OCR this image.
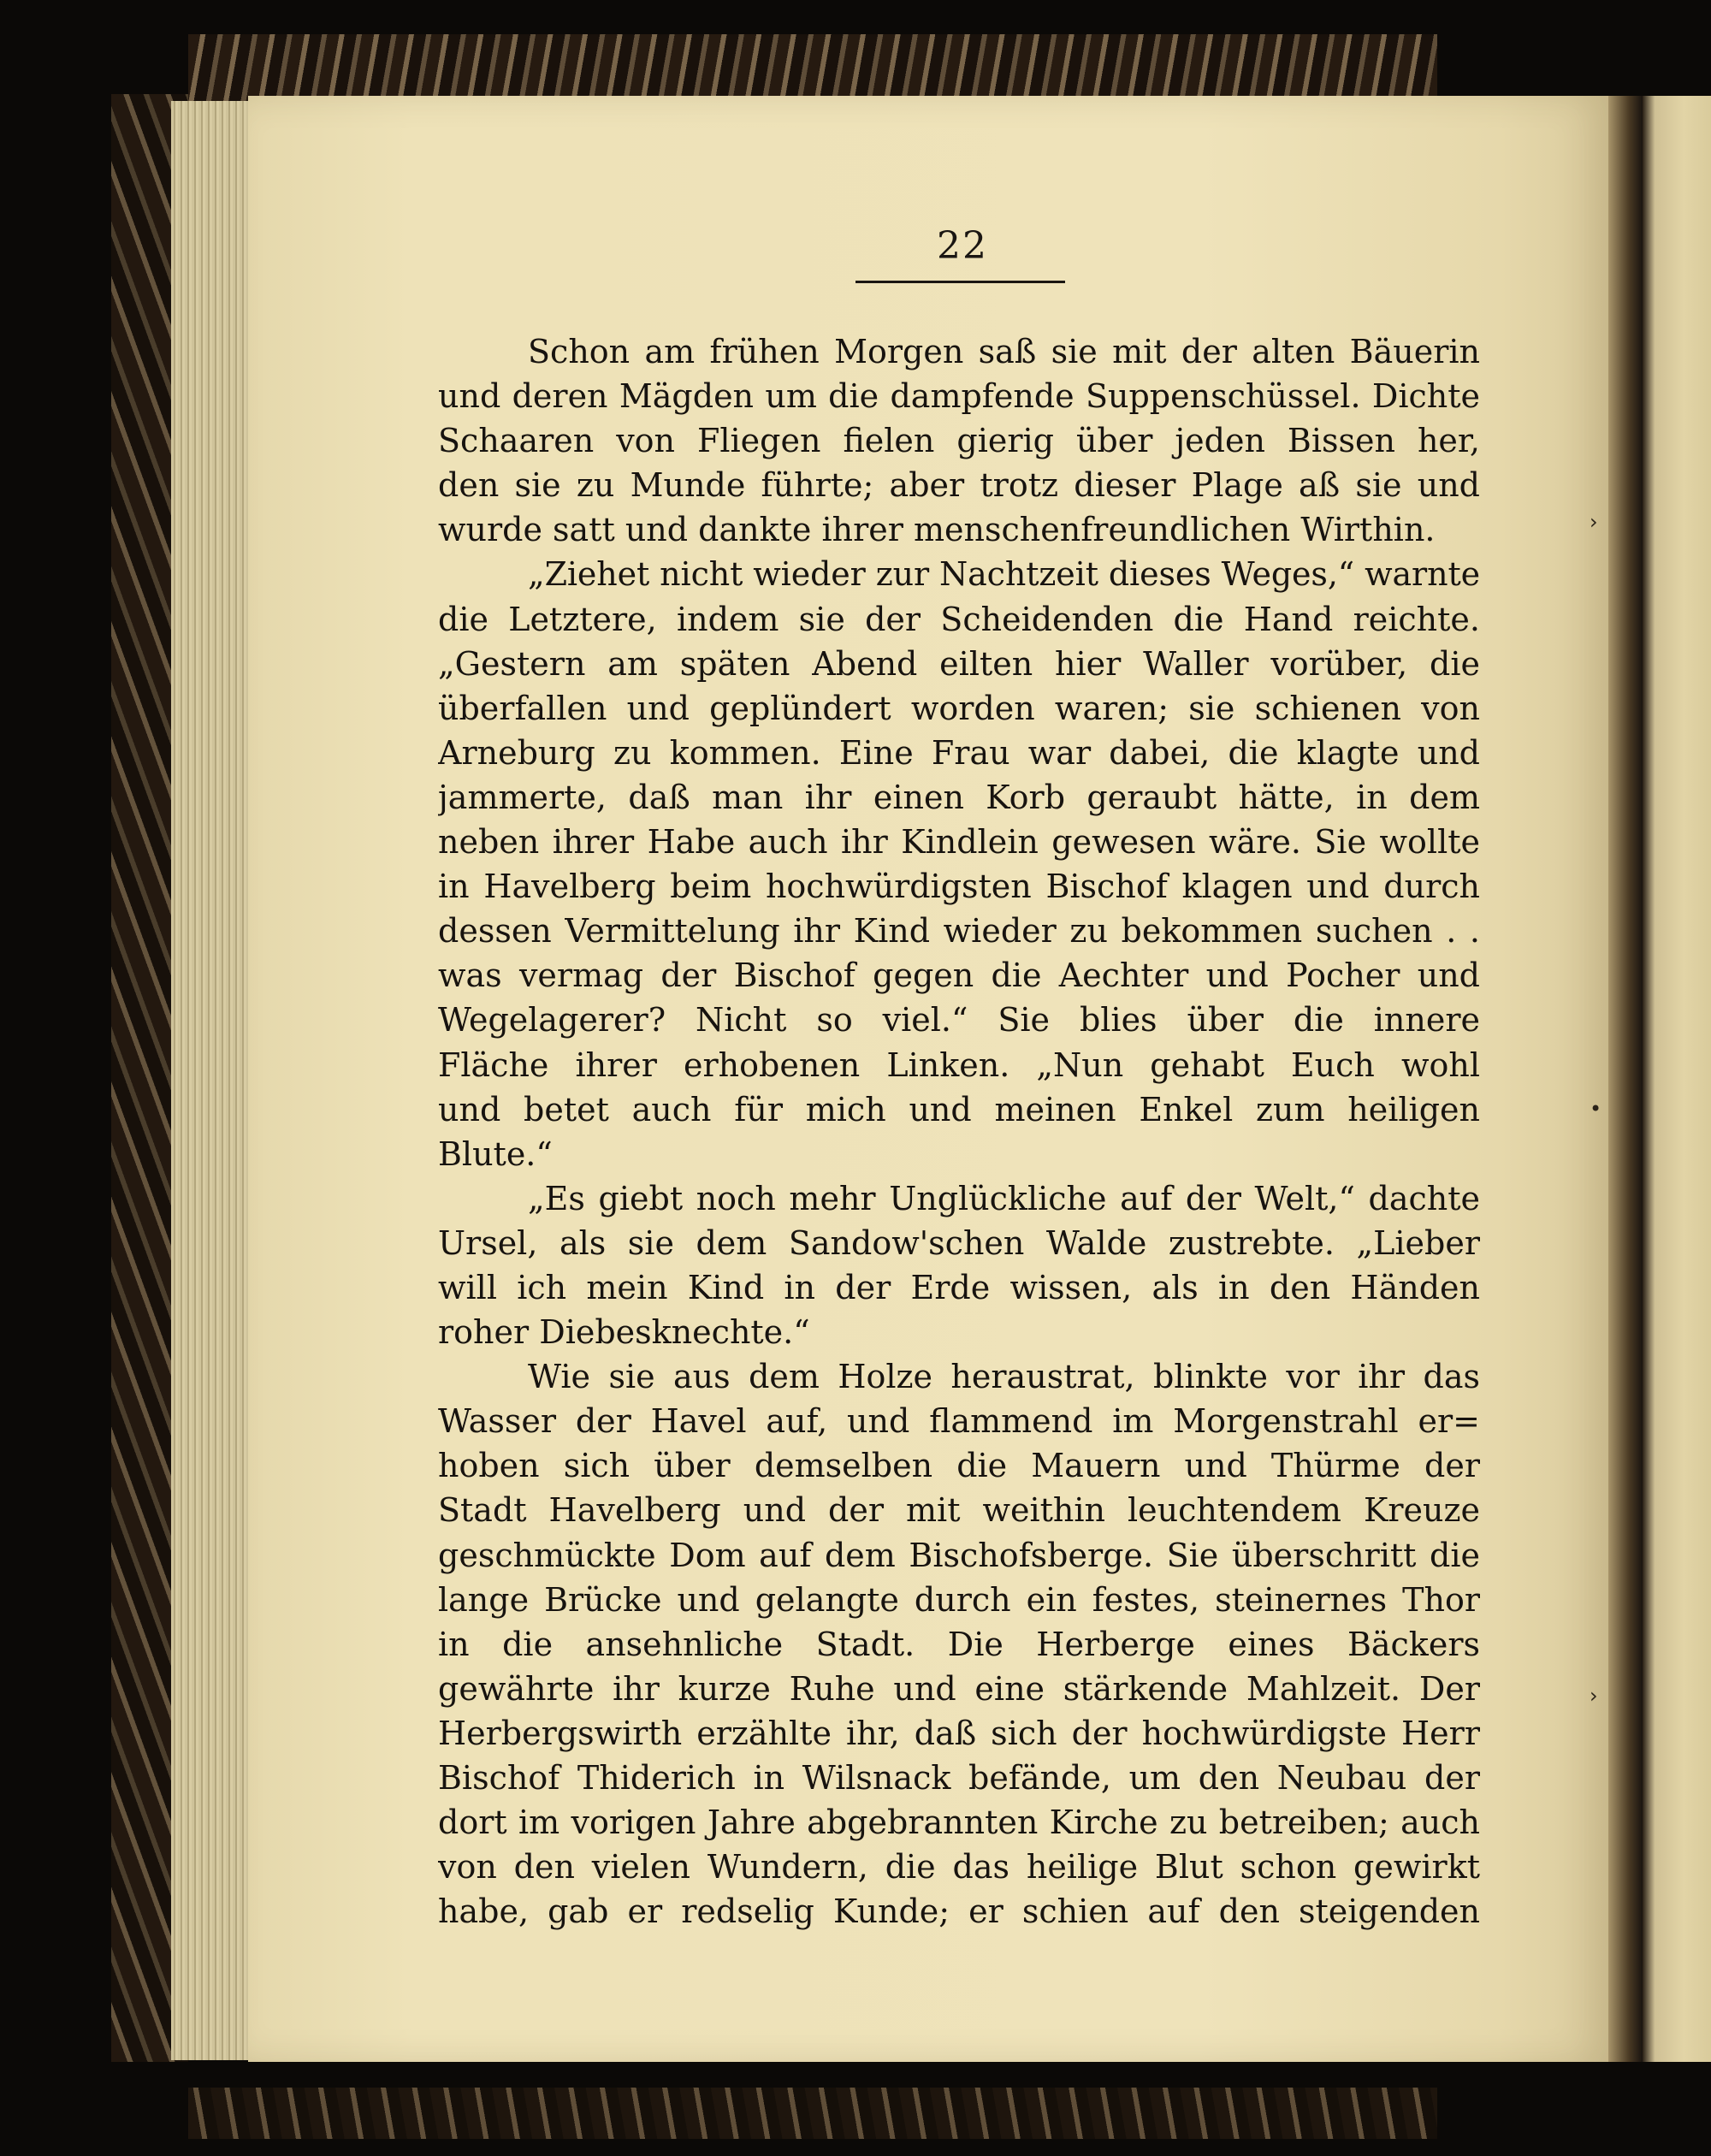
22
Schon am frühen Morgen saß sie mit der alten Bäuerin
und deren Mägden um die dampfende Suppenschüssel. Dichte
Schaaren von Fliegen fielen gierig über jeden Bissen her,
den sie zu Munde führte; aber trotz dieser Plage aß sie und
wurde satt und dankte ihrer menschenfreundlichen Wirthin.
„Ziehet nicht wieder zur Nachtzeit dieses Weges,“ warnte
die Letztere, indem sie der Scheidenden die Hand reichte.
„Gestern am späten Abend eilten hier Waller vorüber, die
überfallen und geplündert worden waren; sie schienen von
Arneburg zu kommen. Eine Frau war dabei, die klagte und
jammerte, daß man ihr einen Korb geraubt hätte, in dem
neben ihrer Habe auch ihr Kindlein gewesen wäre. Sie wollte
in Havelberg beim hochwürdigsten Bischof klagen und durch
dessen Vermittelung ihr Kind wieder zu bekommen suchen . .
was vermag der Bischof gegen die Aechter und Pocher und
Wegelagerer? Nicht so viel.“ Sie blies über die innere
Fläche ihrer erhobenen Linken. „Nun gehabt Euch wohl
und betet auch für mich und meinen Enkel zum heiligen
Blute.“
„Es giebt noch mehr Unglückliche auf der Welt,“ dachte
Ursel, als sie dem Sandow'schen Walde zustrebte. „Lieber
will ich mein Kind in der Erde wissen, als in den Händen
roher Diebesknechte.“
Wie sie aus dem Holze heraustrat, blinkte vor ihr das
Wasser der Havel auf, und flammend im Morgenstrahl er=
hoben sich über demselben die Mauern und Thürme der
Stadt Havelberg und der mit weithin leuchtendem Kreuze
geschmückte Dom auf dem Bischofsberge. Sie überschritt die
lange Brücke und gelangte durch ein festes, steinernes Thor
in die ansehnliche Stadt. Die Herberge eines Bäckers
gewährte ihr kurze Ruhe und eine stärkende Mahlzeit. Der
Herbergswirth erzählte ihr, daß sich der hochwürdigste Herr
Bischof Thiderich in Wilsnack befände, um den Neubau der
dort im vorigen Jahre abgebrannten Kirche zu betreiben; auch
von den vielen Wundern, die das heilige Blut schon gewirkt
habe, gab er redselig Kunde; er schien auf den steigenden
›
•
›
